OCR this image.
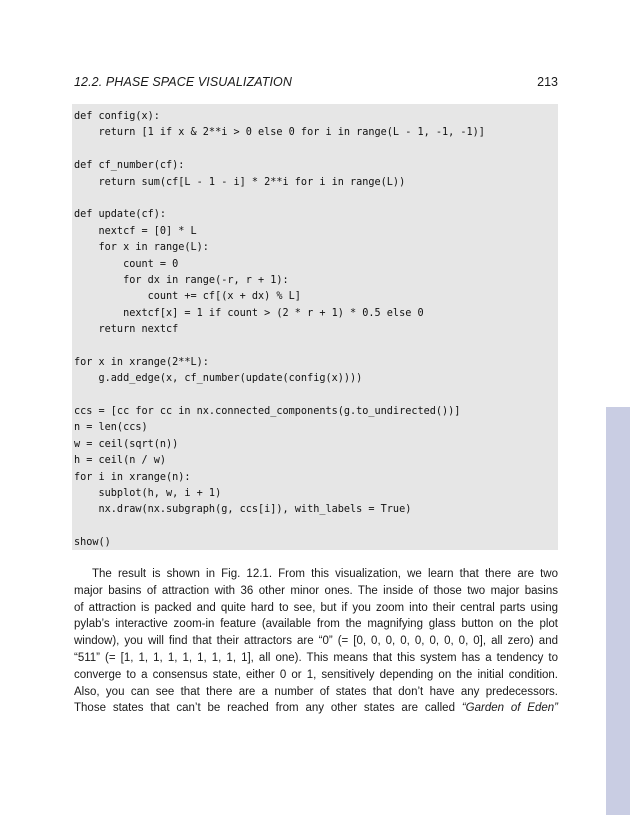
12.2. PHASE SPACE VISUALIZATION	213
def config(x):
return [1 if x & 2**i > 0 else 0 for i in range(L - 1, -1, -1)]

def cf_number(cf):
return sum(cf[L - 1 - i] * 2**i for i in range(L))

def update(cf):
nextcf = [0] * L
for x in range(L):
count = 0
for dx in range(-r, r + 1):
count += cf[(x + dx) % L]
nextcf[x] = 1 if count > (2 * r + 1) * 0.5 else 0
return nextcf

for x in xrange(2**L):
g.add_edge(x, cf_number(update(config(x))))

ccs = [cc for cc in nx.connected_components(g.to_undirected())]
n = len(ccs)
w = ceil(sqrt(n))
h = ceil(n / w)
for i in xrange(n):
subplot(h, w, i + 1)
nx.draw(nx.subgraph(g, ccs[i]), with_labels = True)

show()
The result is shown in Fig. 12.1. From this visualization, we learn that there are two
major basins of attraction with 36 other minor ones. The inside of those two major basins
of attraction is packed and quite hard to see, but if you zoom into their central parts using
pylab’s interactive zoom-in feature (available from the magnifying glass button on the plot
window), you will find that their attractors are “0” (= [0, 0, 0, 0, 0, 0, 0, 0, 0], all zero) and
“511” (= [1, 1, 1, 1, 1, 1, 1, 1, 1], all one). This means that this system has a tendency to
converge to a consensus state, either 0 or 1, sensitively depending on the initial condition.
Also, you can see that there are a number of states that don’t have any predecessors.
Those states that can’t be reached from any other states are called “Garden of Eden”
